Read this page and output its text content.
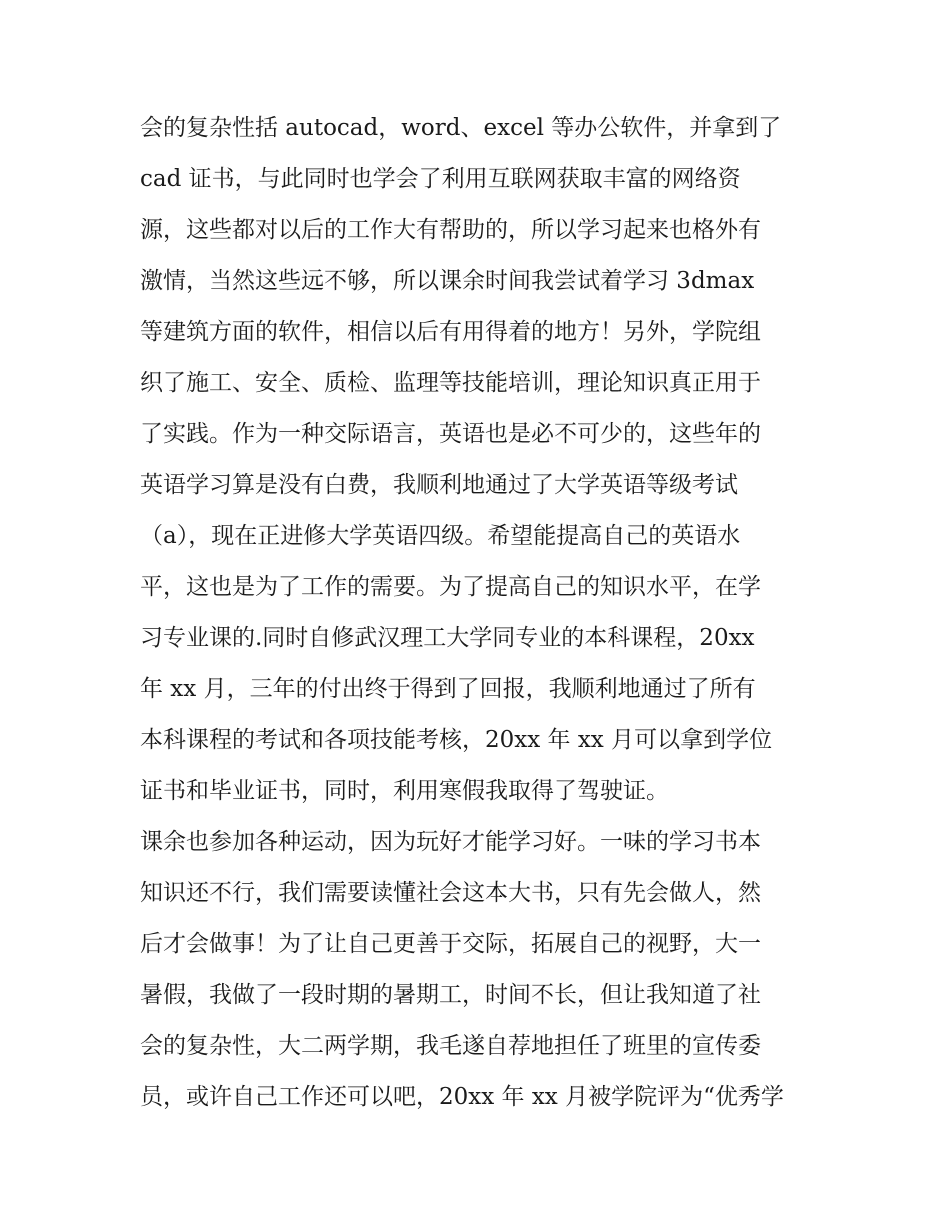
会的复杂性括 autocad，word、excel 等办公软件，并拿到了
cad 证书，与此同时也学会了利用互联网获取丰富的网络资
源，这些都对以后的工作大有帮助的，所以学习起来也格外有
激情，当然这些远不够，所以课余时间我尝试着学习 3dmax
等建筑方面的软件，相信以后有用得着的地方！另外，学院组
织了施工、安全、质检、监理等技能培训，理论知识真正用于
了实践。作为一种交际语言，英语也是必不可少的，这些年的
英语学习算是没有白费，我顺利地通过了大学英语等级考试
（a），现在正进修大学英语四级。希望能提高自己的英语水
平，这也是为了工作的需要。为了提高自己的知识水平，在学
习专业课的.同时自修武汉理工大学同专业的本科课程，20xx
年 xx 月，三年的付出终于得到了回报，我顺利地通过了所有
本科课程的考试和各项技能考核，20xx 年 xx 月可以拿到学位
证书和毕业证书，同时，利用寒假我取得了驾驶证。
课余也参加各种运动，因为玩好才能学习好。一味的学习书本
知识还不行，我们需要读懂社会这本大书，只有先会做人，然
后才会做事！为了让自己更善于交际，拓展自己的视野，大一
暑假，我做了一段时期的暑期工，时间不长，但让我知道了社
会的复杂性，大二两学期，我毛遂自荐地担任了班里的宣传委
员，或许自己工作还可以吧，20xx 年 xx 月被学院评为“优秀学
